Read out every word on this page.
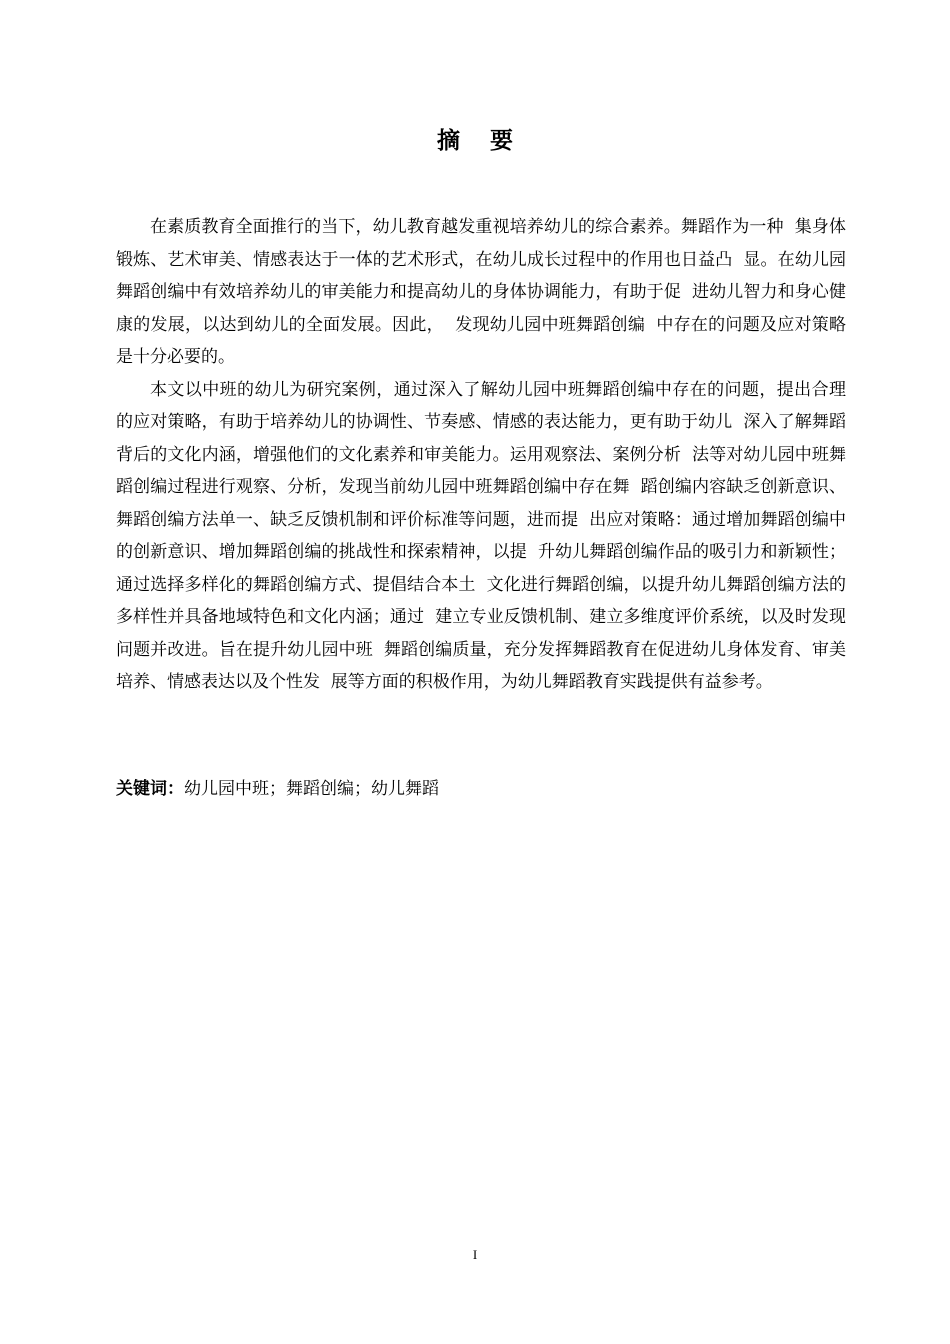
摘 要

在素质教育全面推行的当下，幼儿教育越发重视培养幼儿的综合素养。舞蹈作为一种  集身体锻炼、艺术审美、情感表达于一体的艺术形式，在幼儿成长过程中的作用也日益凸  显。在幼儿园舞蹈创编中有效培养幼儿的审美能力和提高幼儿的身体协调能力，有助于促  进幼儿智力和身心健康的发展，以达到幼儿的全面发展。因此，  发现幼儿园中班舞蹈创编  中存在的问题及应对策略是十分必要的。

本文以中班的幼儿为研究案例，通过深入了解幼儿园中班舞蹈创编中存在的问题，提出合理的应对策略，有助于培养幼儿的协调性、节奏感、情感的表达能力，更有助于幼儿  深入了解舞蹈背后的文化内涵，增强他们的文化素养和审美能力。运用观察法、案例分析  法等对幼儿园中班舞蹈创编过程进行观察、分析，发现当前幼儿园中班舞蹈创编中存在舞  蹈创编内容缺乏创新意识、舞蹈创编方法单一、缺乏反馈机制和评价标准等问题，进而提  出应对策略：通过增加舞蹈创编中的创新意识、增加舞蹈创编的挑战性和探索精神，以提  升幼儿舞蹈创编作品的吸引力和新颖性；通过选择多样化的舞蹈创编方式、提倡结合本土  文化进行舞蹈创编，以提升幼儿舞蹈创编方法的多样性并具备地域特色和文化内涵；通过  建立专业反馈机制、建立多维度评价系统，以及时发现问题并改进。旨在提升幼儿园中班  舞蹈创编质量，充分发挥舞蹈教育在促进幼儿身体发育、审美培养、情感表达以及个性发  展等方面的积极作用，为幼儿舞蹈教育实践提供有益参考。

关键词：幼儿园中班；舞蹈创编；幼儿舞蹈

I
